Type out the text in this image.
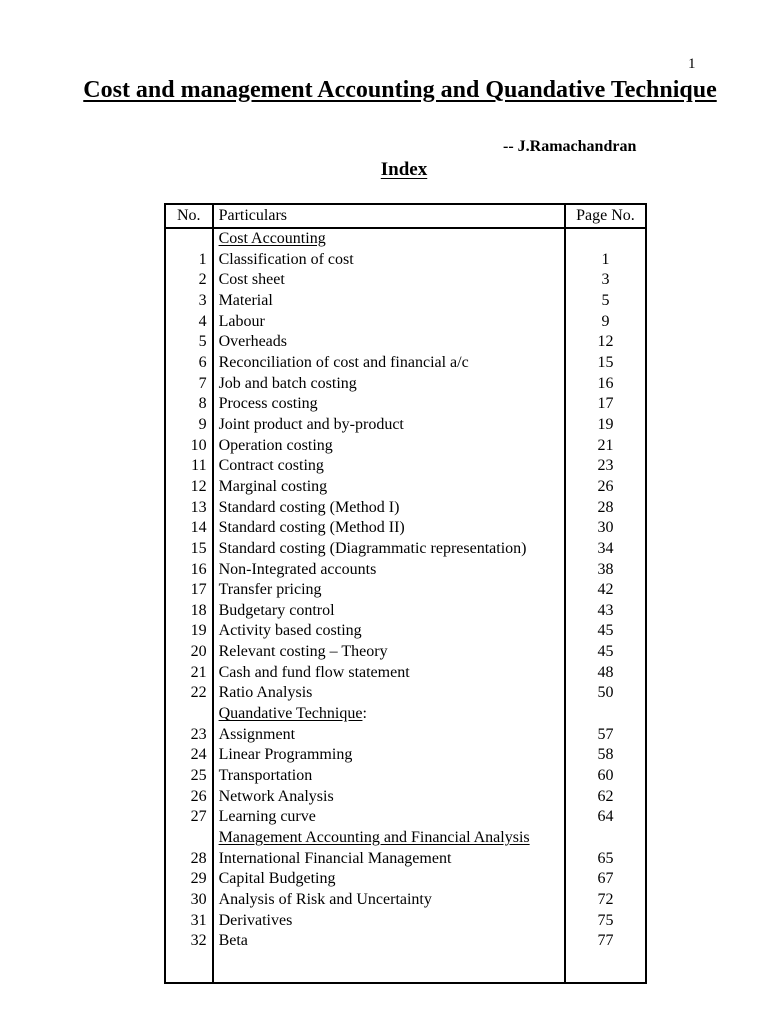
1
Cost and management Accounting and Quandative Technique
-- J.Ramachandran
Index
No.	Particulars	Page No.
	Cost Accounting	
1	Classification of cost	1
2	Cost sheet	3
3	Material	5
4	Labour	9
5	Overheads	12
6	Reconciliation of cost and financial a/c	15
7	Job and batch costing	16
8	Process costing	17
9	Joint product and by-product	19
10	Operation costing	21
11	Contract costing	23
12	Marginal costing	26
13	Standard costing (Method I)	28
14	Standard costing (Method II)	30
15	Standard costing (Diagrammatic representation)	34
16	Non-Integrated accounts	38
17	Transfer pricing	42
18	Budgetary control	43
19	Activity based costing	45
20	Relevant costing – Theory	45
21	Cash and fund flow statement	48
22	Ratio Analysis	50
	Quandative Technique:	
23	Assignment	57
24	Linear Programming	58
25	Transportation	60
26	Network Analysis	62
27	Learning curve	64
	Management Accounting and Financial Analysis	
28	International Financial Management	65
29	Capital Budgeting	67
30	Analysis of Risk and Uncertainty	72
31	Derivatives	75
32	Beta	77
